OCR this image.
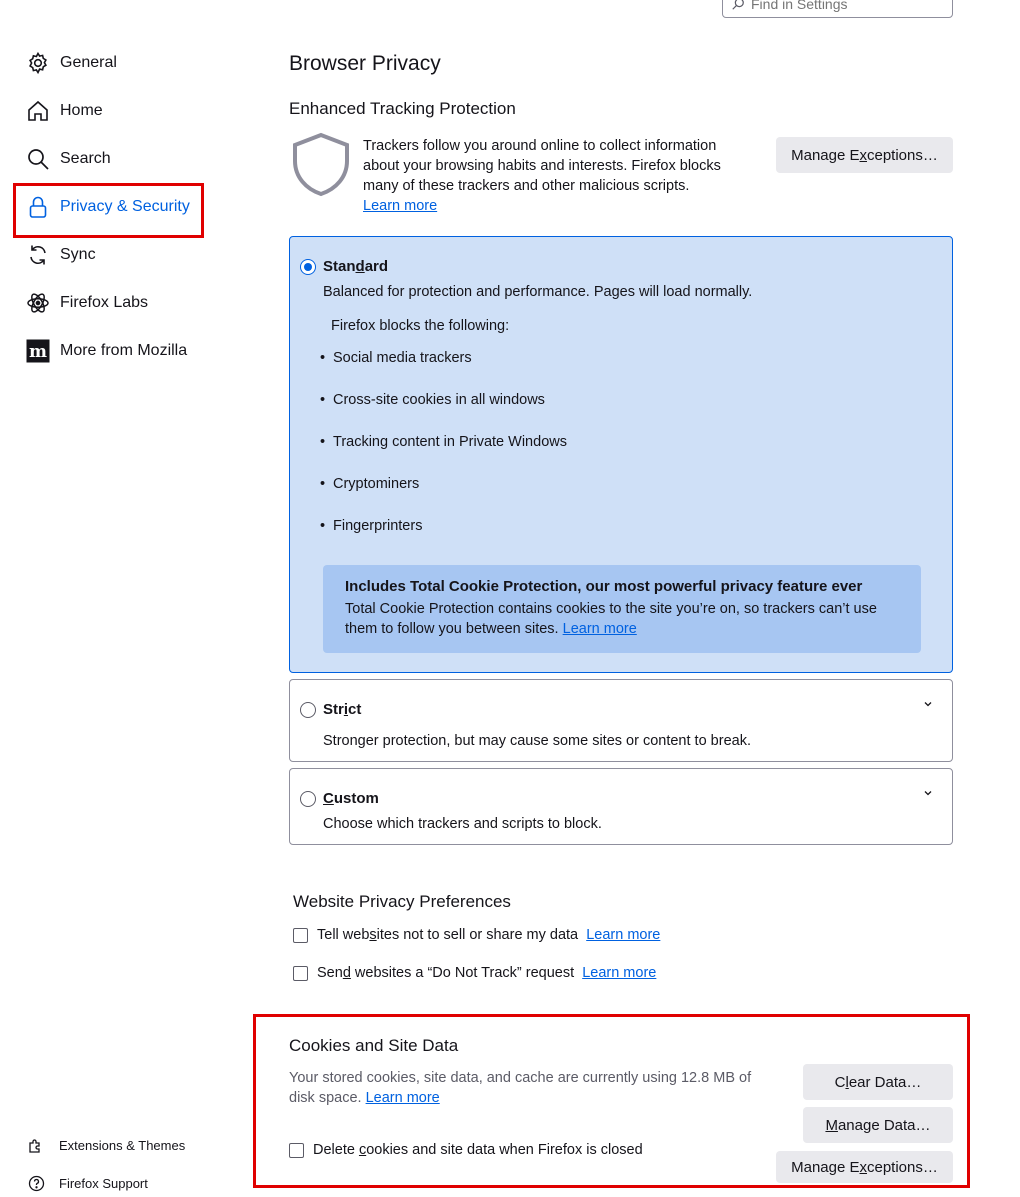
Find in Settings
General
Home
Search
Privacy & Security
Sync
Firefox Labs
m More from Mozilla
Extensions & Themes
Firefox Support
Browser Privacy
Enhanced Tracking Protection
Trackers follow you around online to collect information
about your browsing habits and interests. Firefox blocks
many of these trackers and other malicious scripts.
Learn more
Manage E x ceptions…
Standard
Balanced for protection and performance. Pages will load normally.
Firefox blocks the following:
• Social media trackers
• Cross-site cookies in all windows
• Tracking content in Private Windows
• Cryptominers
• Fingerprinters
Includes Total Cookie Protection, our most powerful privacy feature ever
Total Cookie Protection contains cookies to the site you’re on, so trackers can’t use
them to follow you between sites. Learn more
Strict
Stronger protection, but may cause some sites or content to break.
Custom
Choose which trackers and scripts to block.
Website Privacy Preferences
Tell websites not to sell or share my data Learn more
Send websites a “Do Not Track” request Learn more
Cookies and Site Data
Your stored cookies, site data, and cache are currently using 12.8 MB of
disk space. Learn more
C l ear Data…
M anage Data…
Manage E x ceptions…
Delete cookies and site data when Firefox is closed
